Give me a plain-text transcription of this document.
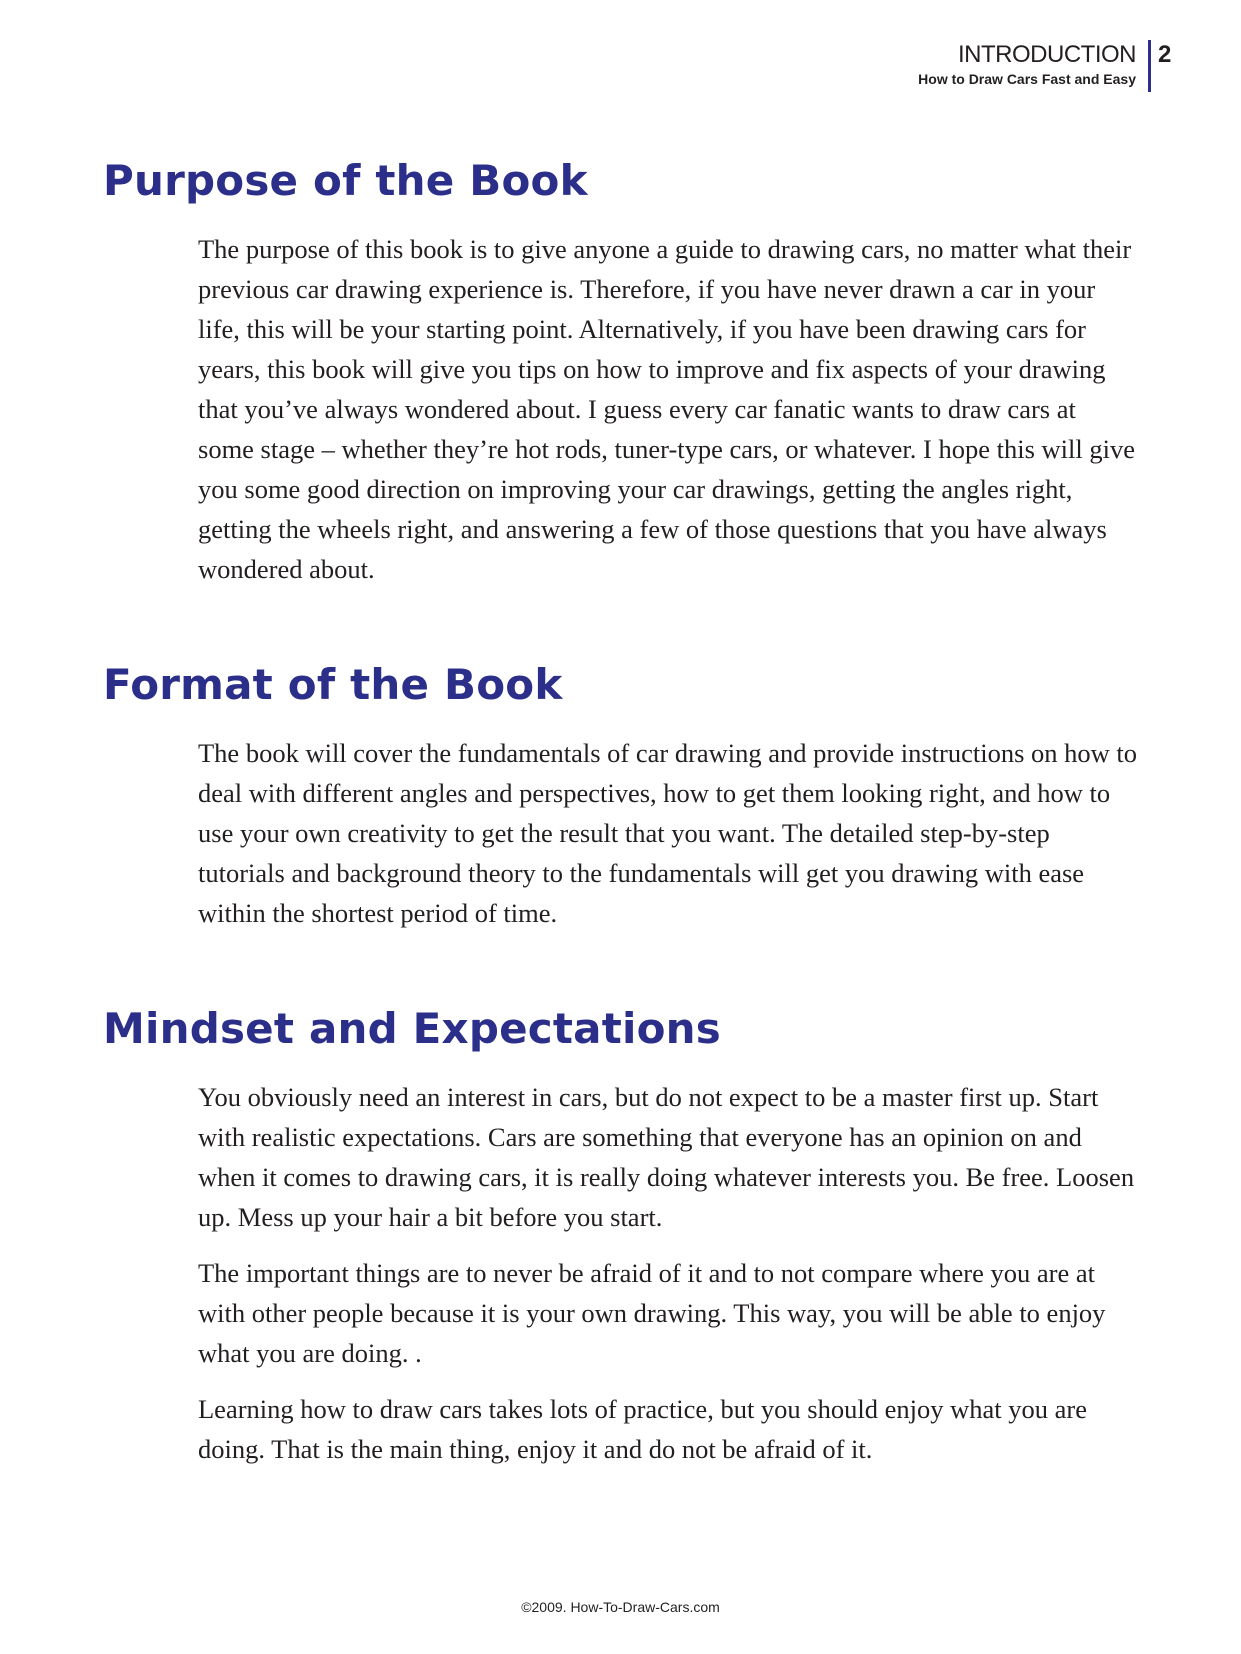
INTRODUCTION
How to Draw Cars Fast and Easy
2
Purpose of the Book

The purpose of this book is to give anyone a guide to drawing cars, no matter what their previous car drawing experience is. Therefore, if you have never drawn a car in your life, this will be your starting point. Alternatively, if you have been drawing cars for years, this book will give you tips on how to improve and fix aspects of your drawing that you’ve always wondered about. I guess every car fanatic wants to draw cars at some stage – whether they’re hot rods, tuner-type cars, or whatever. I hope this will give you some good direction on improving your car drawings, getting the angles right, getting the wheels right, and answering a few of those questions that you have always wondered about.

Format of the Book

The book will cover the fundamentals of car drawing and provide instructions on how to deal with different angles and perspectives, how to get them looking right, and how to use your own creativity to get the result that you want. The detailed step-by-step tutorials and background theory to the fundamentals will get you drawing with ease within the shortest period of time.

Mindset and Expectations

You obviously need an interest in cars, but do not expect to be a master first up. Start with realistic expectations. Cars are something that everyone has an opinion on and when it comes to drawing cars, it is really doing whatever interests you. Be free. Loosen up. Mess up your hair a bit before you start.

The important things are to never be afraid of it and to not compare where you are at with other people because it is your own drawing. This way, you will be able to enjoy what you are doing. .

Learning how to draw cars takes lots of practice, but you should enjoy what you are doing. That is the main thing, enjoy it and do not be afraid of it.

©2009. How-To-Draw-Cars.com
